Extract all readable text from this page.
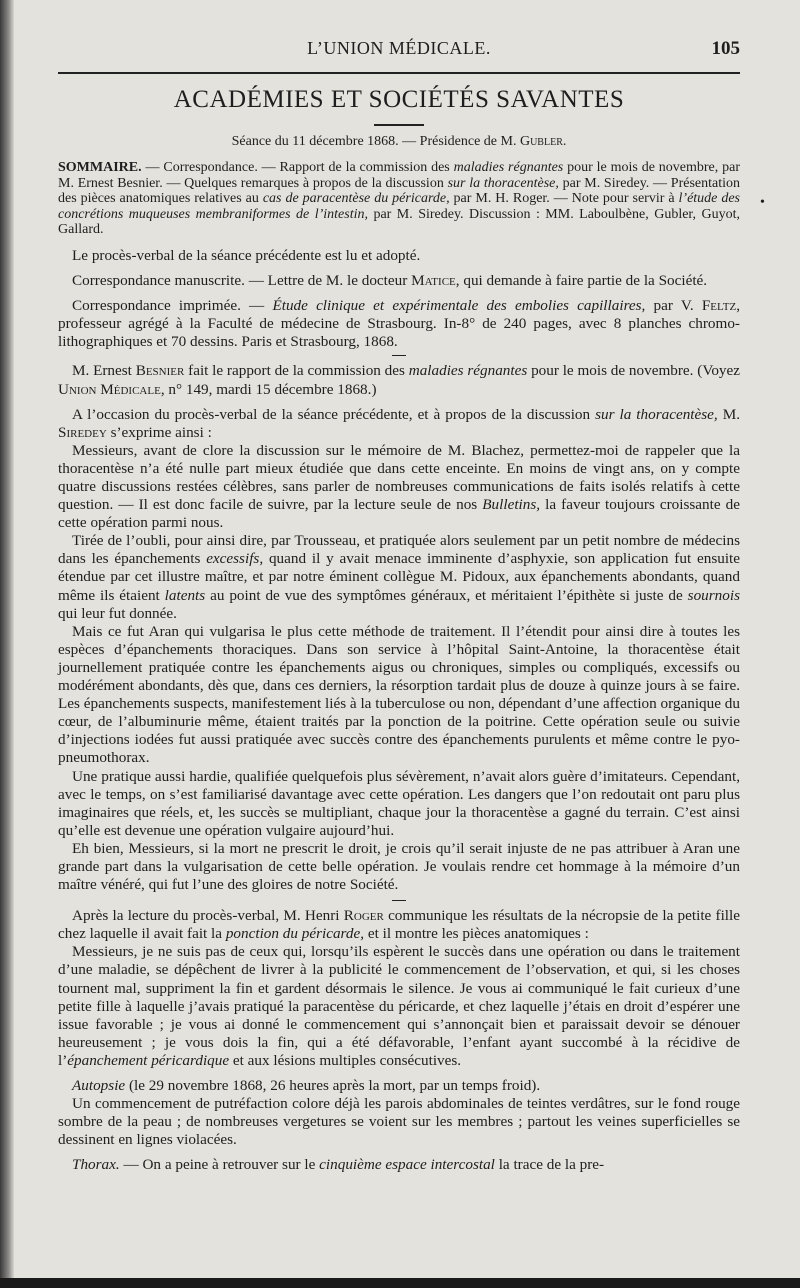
•
L’UNION MÉDICALE.	105
ACADÉMIES ET SOCIÉTÉS SAVANTES
Séance du 11 décembre 1868. — Présidence de M. Gubler.
SOMMAIRE. — Correspondance. — Rapport de la commission des maladies régnantes pour le mois de novembre, par M. Ernest Besnier. — Quelques remarques à propos de la discussion sur la thoracentèse, par M. Siredey. — Présentation des pièces anatomiques relatives au cas de paracentèse du péricarde, par M. H. Roger. — Note pour servir à l’étude des concrétions muqueuses membraniformes de l’intestin, par M. Siredey. Discussion : MM. Laboulbène, Gubler, Guyot, Gallard.

Le procès-verbal de la séance précédente est lu et adopté.

Correspondance manuscrite. — Lettre de M. le docteur Matice, qui demande à faire partie de la Société.

Correspondance imprimée. — Étude clinique et expérimentale des embolies capillaires, par V. Feltz, professeur agrégé à la Faculté de médecine de Strasbourg. In-8° de 240 pages, avec 8 planches chromo-lithographiques et 70 dessins. Paris et Strasbourg, 1868.

M. Ernest Besnier fait le rapport de la commission des maladies régnantes pour le mois de novembre. (Voyez Union Médicale, n° 149, mardi 15 décembre 1868.)

A l’occasion du procès-verbal de la séance précédente, et à propos de la discussion sur la thoracentèse, M. Siredey s’exprime ainsi :

Messieurs, avant de clore la discussion sur le mémoire de M. Blachez, permettez-moi de rappeler que la thoracentèse n’a été nulle part mieux étudiée que dans cette enceinte. En moins de vingt ans, on y compte quatre discussions restées célèbres, sans parler de nombreuses communications de faits isolés relatifs à cette question. — Il est donc facile de suivre, par la lecture seule de nos Bulletins, la faveur toujours croissante de cette opération parmi nous.

Tirée de l’oubli, pour ainsi dire, par Trousseau, et pratiquée alors seulement par un petit nombre de médecins dans les épanchements excessifs, quand il y avait menace imminente d’asphyxie, son application fut ensuite étendue par cet illustre maître, et par notre éminent collègue M. Pidoux, aux épanchements abondants, quand même ils étaient latents au point de vue des symptômes généraux, et méritaient l’épithète si juste de sournois qui leur fut donnée.

Mais ce fut Aran qui vulgarisa le plus cette méthode de traitement. Il l’étendit pour ainsi dire à toutes les espèces d’épanchements thoraciques. Dans son service à l’hôpital Saint-Antoine, la thoracentèse était journellement pratiquée contre les épanchements aigus ou chroniques, simples ou compliqués, excessifs ou modérément abondants, dès que, dans ces derniers, la résorption tardait plus de douze à quinze jours à se faire. Les épanchements suspects, manifestement liés à la tuberculose ou non, dépendant d’une affection organique du cœur, de l’albuminurie même, étaient traités par la ponction de la poitrine. Cette opération seule ou suivie d’injections iodées fut aussi pratiquée avec succès contre des épanchements purulents et même contre le pyo-pneumothorax.

Une pratique aussi hardie, qualifiée quelquefois plus sévèrement, n’avait alors guère d’imitateurs. Cependant, avec le temps, on s’est familiarisé davantage avec cette opération. Les dangers que l’on redoutait ont paru plus imaginaires que réels, et, les succès se multipliant, chaque jour la thoracentèse a gagné du terrain. C’est ainsi qu’elle est devenue une opération vulgaire aujourd’hui.

Eh bien, Messieurs, si la mort ne prescrit le droit, je crois qu’il serait injuste de ne pas attribuer à Aran une grande part dans la vulgarisation de cette belle opération. Je voulais rendre cet hommage à la mémoire d’un maître vénéré, qui fut l’une des gloires de notre Société.

Après la lecture du procès-verbal, M. Henri Roger communique les résultats de la nécropsie de la petite fille chez laquelle il avait fait la ponction du péricarde, et il montre les pièces anatomiques :

Messieurs, je ne suis pas de ceux qui, lorsqu’ils espèrent le succès dans une opération ou dans le traitement d’une maladie, se dépêchent de livrer à la publicité le commencement de l’observation, et qui, si les choses tournent mal, suppriment la fin et gardent désormais le silence. Je vous ai communiqué le fait curieux d’une petite fille à laquelle j’avais pratiqué la paracentèse du péricarde, et chez laquelle j’étais en droit d’espérer une issue favorable ; je vous ai donné le commencement qui s’annonçait bien et paraissait devoir se dénouer heureusement ; je vous dois la fin, qui a été défavorable, l’enfant ayant succombé à la récidive de l’épanchement péricardique et aux lésions multiples consécutives.

Autopsie (le 29 novembre 1868, 26 heures après la mort, par un temps froid).

Un commencement de putréfaction colore déjà les parois abdominales de teintes verdâtres, sur le fond rouge sombre de la peau ; de nombreuses vergetures se voient sur les membres ; partout les veines superficielles se dessinent en lignes violacées.

Thorax. — On a peine à retrouver sur le cinquième espace intercostal la trace de la pre-
